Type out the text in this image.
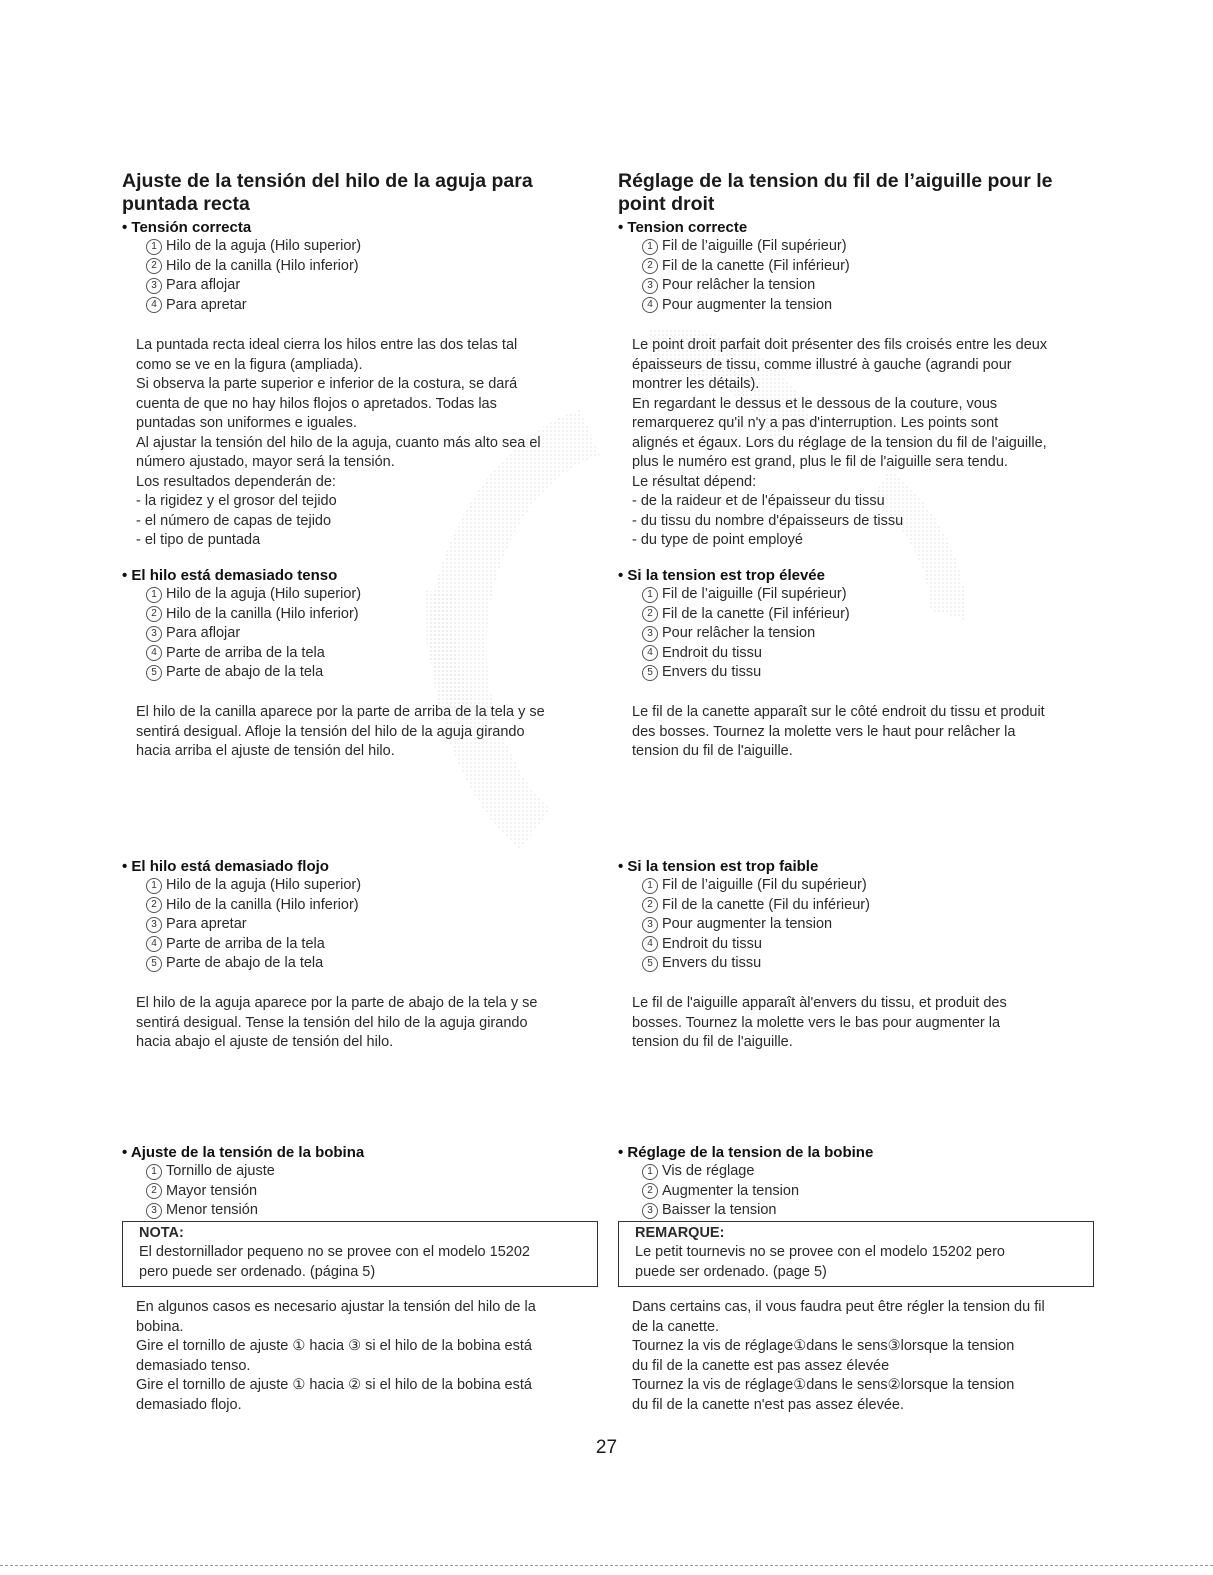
Ajuste de la tensión del hilo de la aguja para
puntada recta

• Tensión correcta

1 Hilo de la aguja (Hilo superior)
2 Hilo de la canilla (Hilo inferior)
3 Para aflojar
4 Para apretar

La puntada recta ideal cierra los hilos entre las dos telas tal

como se ve en la figura (ampliada).

Si observa la parte superior e inferior de la costura, se dará

cuenta de que no hay hilos flojos o apretados. Todas las

puntadas son uniformes e iguales.

Al ajustar la tensión del hilo de la aguja, cuanto más alto sea el

número ajustado, mayor será la tensión.

Los resultados dependerán de:

- la rigidez y el grosor del tejido

- el número de capas de tejido

- el tipo de puntada

• El hilo está demasiado tenso

1 Hilo de la aguja (Hilo superior)
2 Hilo de la canilla (Hilo inferior)
3 Para aflojar
4 Parte de arriba de la tela
5 Parte de abajo de la tela

El hilo de la canilla aparece por la parte de arriba de la tela y se

sentirá desigual. Afloje la tensión del hilo de la aguja girando

hacia arriba el ajuste de tensión del hilo.

• El hilo está demasiado flojo

1 Hilo de la aguja (Hilo superior)
2 Hilo de la canilla (Hilo inferior)
3 Para apretar
4 Parte de arriba de la tela
5 Parte de abajo de la tela

El hilo de la aguja aparece por la parte de abajo de la tela y se

sentirá desigual. Tense la tensión del hilo de la aguja girando

hacia abajo el ajuste de tensión del hilo.

• Ajuste de la tensión de la bobina

1 Tornillo de ajuste
2 Mayor tensión
3 Menor tensión

NOTA:

El destornillador pequeno no se provee con el modelo 15202

pero puede ser ordenado. (página 5)

En algunos casos es necesario ajustar la tensión del hilo de la

bobina.

Gire el tornillo de ajuste ① hacia ③ si el hilo de la bobina está

demasiado tenso.

Gire el tornillo de ajuste ① hacia ② si el hilo de la bobina está

demasiado flojo.

Réglage de la tension du fil de l’aiguille pour le
point droit

• Tension correcte

1 Fil de l’aiguille (Fil supérieur)
2 Fil de la canette (Fil inférieur)
3 Pour relâcher la tension
4 Pour augmenter la tension

Le point droit parfait doit présenter des fils croisés entre les deux

épaisseurs de tissu, comme illustré à gauche (agrandi pour

montrer les détails).

En regardant le dessus et le dessous de la couture, vous

remarquerez qu'il n'y a pas d'interruption. Les points sont

alignés et égaux. Lors du réglage de la tension du fil de l'aiguille,

plus le numéro est grand, plus le fil de l'aiguille sera tendu.

Le résultat dépend:

- de la raideur et de l'épaisseur du tissu

- du tissu du nombre d'épaisseurs de tissu

- du type de point employé

• Si la tension est trop élevée

1 Fil de l’aiguille (Fil supérieur)
2 Fil de la canette (Fil inférieur)
3 Pour relâcher la tension
4 Endroit du tissu
5 Envers du tissu

Le fil de la canette apparaît sur le côté endroit du tissu et produit

des bosses. Tournez la molette vers le haut pour relâcher la

tension du fil de l'aiguille.

• Si la tension est trop faible

1 Fil de l’aiguille (Fil du supérieur)
2 Fil de la canette (Fil du inférieur)
3 Pour augmenter la tension
4 Endroit du tissu
5 Envers du tissu

Le fil de l'aiguille apparaît àl'envers du tissu, et produit des

bosses. Tournez la molette vers le bas pour augmenter la

tension du fil de l'aiguille.

• Réglage de la tension de la bobine

1 Vis de réglage
2 Augmenter la tension
3 Baisser la tension

REMARQUE:

Le petit tournevis no se provee con el modelo 15202 pero

puede ser ordenado. (page 5)

Dans certains cas, il vous faudra peut être régler la tension du fil

de la canette.

Tournez la vis de réglage①dans le sens③lorsque la tension

du fil de la canette est pas assez élevée

Tournez la vis de réglage①dans le sens②lorsque la tension

du fil de la canette n'est pas assez élevée.

27
